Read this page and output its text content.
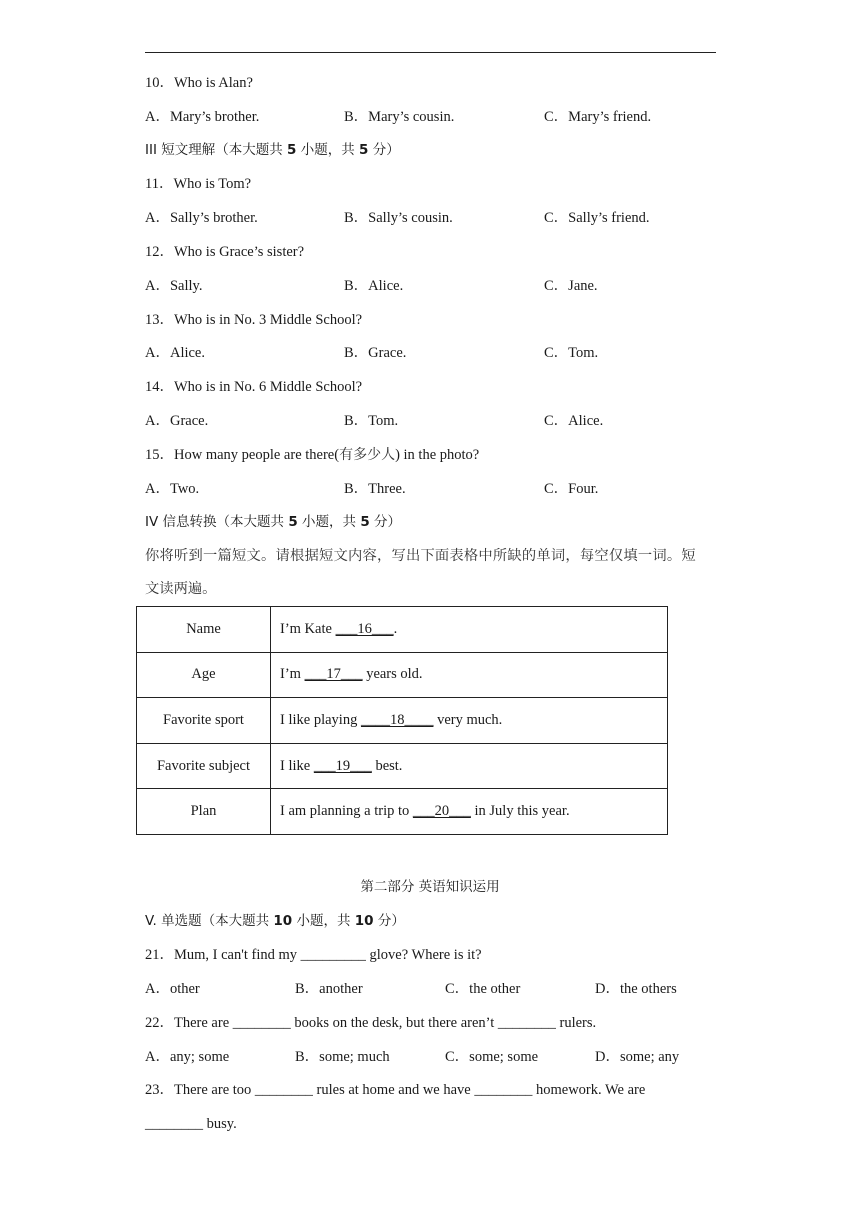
10．Who is Alan?
A．Mary’s brother.	B．Mary’s cousin.	C．Mary’s friend.
III 短文理解（本大题共 5 小题，共 5 分）
11．Who is Tom?
A．Sally’s brother.	B．Sally’s cousin.	C．Sally’s friend.
12．Who is Grace’s sister?
A．Sally.	B．Alice.	C．Jane.
13．Who is in No. 3 Middle School?
A．Alice.	B．Grace.	C．Tom.
14．Who is in No. 6 Middle School?
A．Grace.	B．Tom.	C．Alice.
15．How many people are there(有多少人) in the photo?
A．Two.	B．Three.	C．Four.
IV 信息转换（本大题共 5 小题，共 5 分）
你将听到一篇短文。请根据短文内容，写出下面表格中所缺的单词，每空仅填一词。短
文读两遍。
Name	I’m Kate ___16___.
Age	I’m ___17___ years old.
Favorite sport	I like playing ____18____ very much.
Favorite subject	I like ___19___ best.
Plan	I am planning a trip to ___20___ in July this year.
第二部分 英语知识运用
V. 单选题（本大题共 10 小题，共 10 分）
21．Mum, I can't find my _________ glove? Where is it?
A．other	B．another	C．the other	D．the others
22．There are ________ books on the desk, but there aren’t ________ rulers.
A．any; some	B．some; much	C．some; some	D．some; any
23．There are too ________ rules at home and we have ________ homework. We are
________ busy.
